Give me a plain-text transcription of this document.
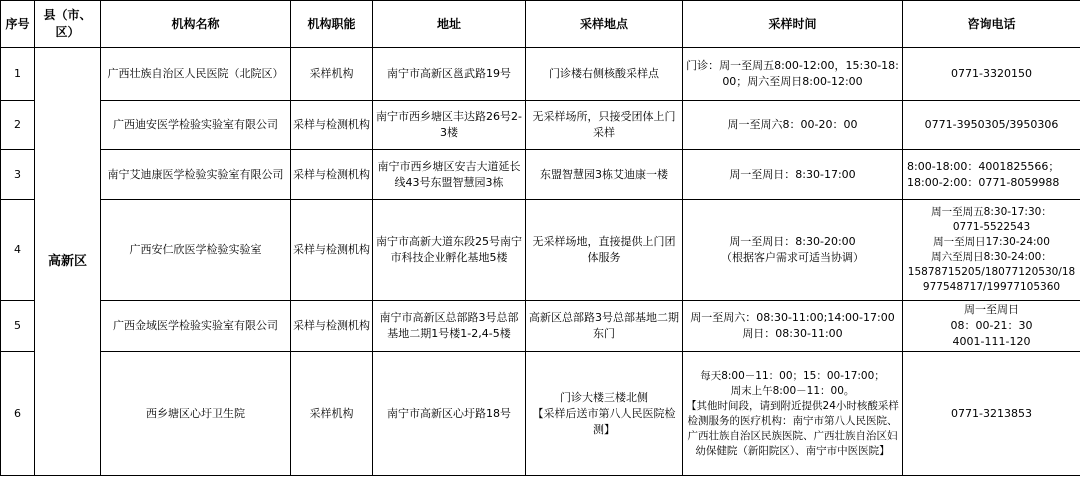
序号	县（市、区）	机构名称	机构职能	地址	采样地点	采样时间	咨询电话
1	高新区	广西壮族自治区人民医院（北院区）	采样机构	南宁市高新区邕武路19号	门诊楼右侧核酸采样点	门诊：周一至周五8:00-12:00，15:30-18:00；周六至周日8:00-12:00	0771-3320150
2		广西迪安医学检验实验室有限公司	采样与检测机构	南宁市西乡塘区丰达路26号2-3楼	无采样场所，只接受团体上门采样	周一至周六8：00-20：00	0771-3950305/3950306
3		南宁艾迪康医学检验实验室有限公司	采样与检测机构	南宁市西乡塘区安吉大道延长线43号东盟智慧园3栋	东盟智慧园3栋艾迪康一楼	周一至周日：8:30-17:00	8:00-18:00：4001825566；
18:00-2:00：0771-8059988
4		广西安仁欣医学检验实验室	采样与检测机构	南宁市高新大道东段25号南宁市科技企业孵化基地5楼	无采样场地，直接提供上门团体服务	周一至周日：8:30-20:00
（根据客户需求可适当协调）	周一至周五8:30-17:30：
0771-5522543
周一至周日17:30-24:00
周六至周日8:30-24:00：
15878715205/18077120530/18977548717/19977105360
5		广西金域医学检验实验室有限公司	采样与检测机构	南宁市高新区总部路3号总部基地二期1号楼1-2,4-5楼	高新区总部路3号总部基地二期东门	周一至周六：08:30-11:00;14:00-17:00
周日：08:30-11:00	周一至周日
08：00-21：30
4001-111-120
6		西乡塘区心圩卫生院	采样机构	南宁市高新区心圩路18号	门诊大楼三楼北侧
【采样后送市第八人民医院检测】	每天8:00－11：00；15：00-17:00；
周末上午8:00－11：00。
【其他时间段，请到附近提供24小时核酸采样检测服务的医疗机构：南宁市第八人民医院、广西壮族自治区民族医院、广西壮族自治区妇幼保健院（新阳院区）、南宁市中医医院】	0771-3213853
